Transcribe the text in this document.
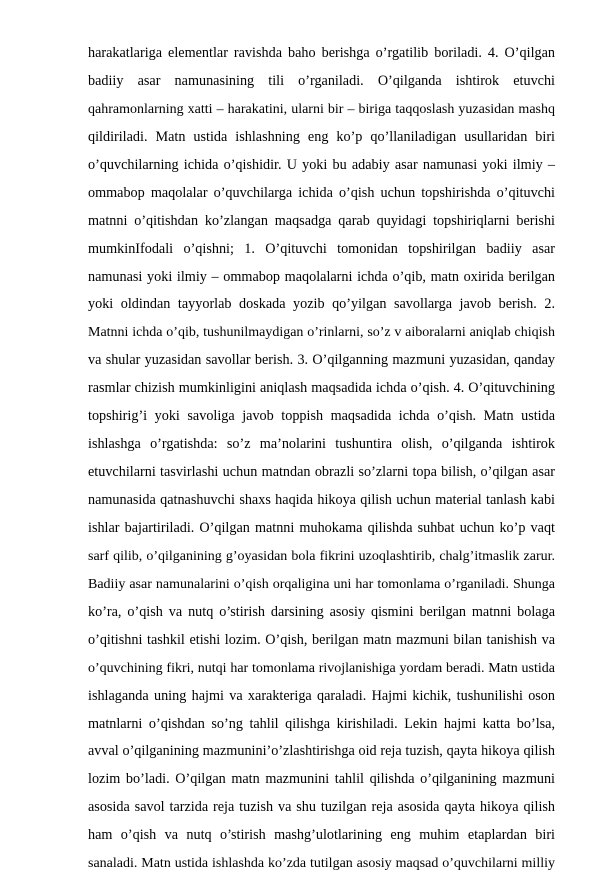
harakatlariga elementlar ravishda baho berishga o’rgatilib boriladi. 4. O’qilgan
badiiy asar namunasining tili o’rganiladi. O’qilganda ishtirok etuvchi
qahramonlarning xatti – harakatini, ularni bir – biriga taqqoslash yuzasidan mashq
qildiriladi. Matn ustida ishlashning eng ko’p qo’llaniladigan usullaridan biri
o’quvchilarning ichida o’qishidir. U yoki bu adabiy asar namunasi yoki ilmiy –
ommabop maqolalar o’quvchilarga ichida o’qish uchun topshirishda o’qituvchi
matnni o’qitishdan ko’zlangan maqsadga qarab quyidagi topshiriqlarni berishi
mumkinIfodali o’qishni; 1. O’qituvchi tomonidan topshirilgan badiiy asar
namunasi yoki ilmiy – ommabop maqolalarni ichda o’qib, matn oxirida berilgan
yoki oldindan tayyorlab doskada yozib qo’yilgan savollarga javob berish. 2.
Matnni ichda o’qib, tushunilmaydigan o’rinlarni, so’z v aiboralarni aniqlab chiqish
va shular yuzasidan savollar berish. 3. O’qilganning mazmuni yuzasidan, qanday
rasmlar chizish mumkinligini aniqlash maqsadida ichda o’qish. 4. O’qituvchining
topshirig’i yoki savoliga javob toppish maqsadida ichda o’qish. Matn ustida
ishlashga o’rgatishda: so’z ma’nolarini tushuntira olish, o’qilganda ishtirok
etuvchilarni tasvirlashi uchun matndan obrazli so’zlarni topa bilish, o’qilgan asar
namunasida qatnashuvchi shaxs haqida hikoya qilish uchun material tanlash kabi
ishlar bajartiriladi. O’qilgan matnni muhokama qilishda suhbat uchun ko’p vaqt
sarf qilib, o’qilganining g’oyasidan bola fikrini uzoqlashtirib, chalg’itmaslik zarur.
Badiiy asar namunalarini o’qish orqaligina uni har tomonlama o’rganiladi. Shunga
ko’ra, o’qish va nutq o’stirish darsining asosiy qismini berilgan matnni bolaga
o’qitishni tashkil etishi lozim. O’qish, berilgan matn mazmuni bilan tanishish va
o’quvchining fikri, nutqi har tomonlama rivojlanishiga yordam beradi. Matn ustida
ishlaganda uning hajmi va xarakteriga qaraladi. Hajmi kichik, tushunilishi oson
matnlarni o’qishdan so’ng tahlil qilishga kirishiladi. Lekin hajmi katta bo’lsa,
avval o’qilganining mazmunini’o’zlashtirishga oid reja tuzish, qayta hikoya qilish
lozim bo’ladi. O’qilgan matn mazmunini tahlil qilishda o’qilganining mazmuni
asosida savol tarzida reja tuzish va shu tuzilgan reja asosida qayta hikoya qilish
ham o’qish va nutq o’stirish mashg’ulotlarining eng muhim etaplardan biri
sanaladi. Matn ustida ishlashda ko’zda tutilgan asosiy maqsad o’quvchilarni milliy
